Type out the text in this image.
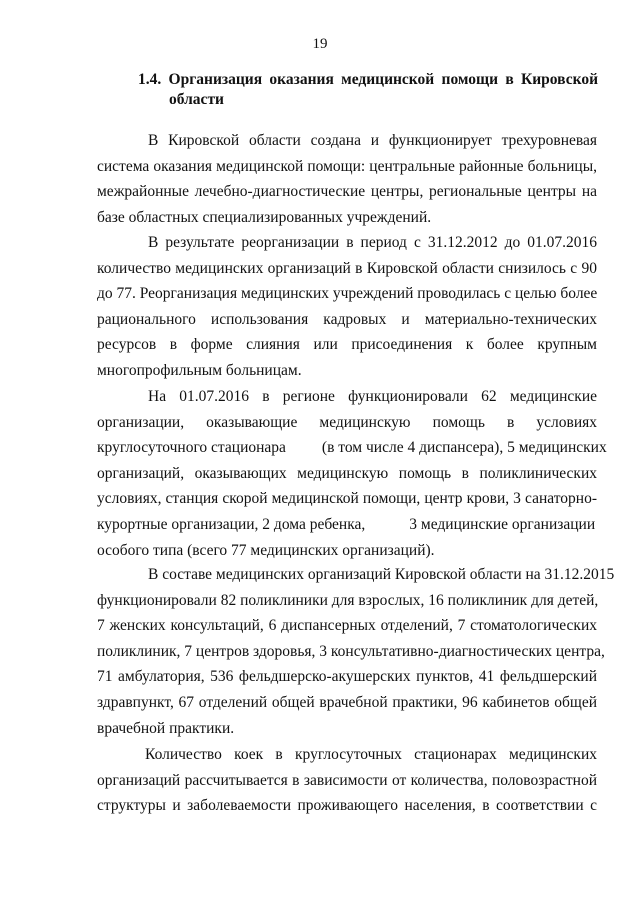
19
1.4. Организация оказания медицинской помощи в Кировской
области
В Кировской области создана и функционирует трехуровневая
система оказания медицинской помощи: центральные районные больницы,
межрайонные лечебно-диагностические центры, региональные центры на
базе областных специализированных учреждений.
В результате реорганизации в период с 31.12.2012 до 01.07.2016
количество медицинских организаций в Кировской области снизилось с 90
до 77. Реорганизация медицинских учреждений проводилась с целью более
рационального использования кадровых и материально-технических
ресурсов в форме слияния или присоединения к более крупным
многопрофильным больницам.
На 01.07.2016 в регионе функционировали 62 медицинские
организации, оказывающие медицинскую помощь в условиях
круглосуточного стационара (в том числе 4 диспансера), 5 медицинских
организаций, оказывающих медицинскую помощь в поликлинических
условиях, станция скорой медицинской помощи, центр крови, 3 санаторно-
курортные организации, 2 дома ребенка,	3 медицинские организации
особого типа (всего 77 медицинских организаций).
В составе медицинских организаций Кировской области на 31.12.2015
функционировали 82 поликлиники для взрослых, 16 поликлиник для детей,
7 женских консультаций, 6 диспансерных отделений, 7 стоматологических
поликлиник, 7 центров здоровья, 3 консультативно-диагностических центра,
71 амбулатория, 536 фельдшерско-акушерских пунктов, 41 фельдшерский
здравпункт, 67 отделений общей врачебной практики, 96 кабинетов общей
врачебной практики.
Количество коек в круглосуточных стационарах медицинских
организаций рассчитывается в зависимости от количества, половозрастной
структуры и заболеваемости проживающего населения, в соответствии с
